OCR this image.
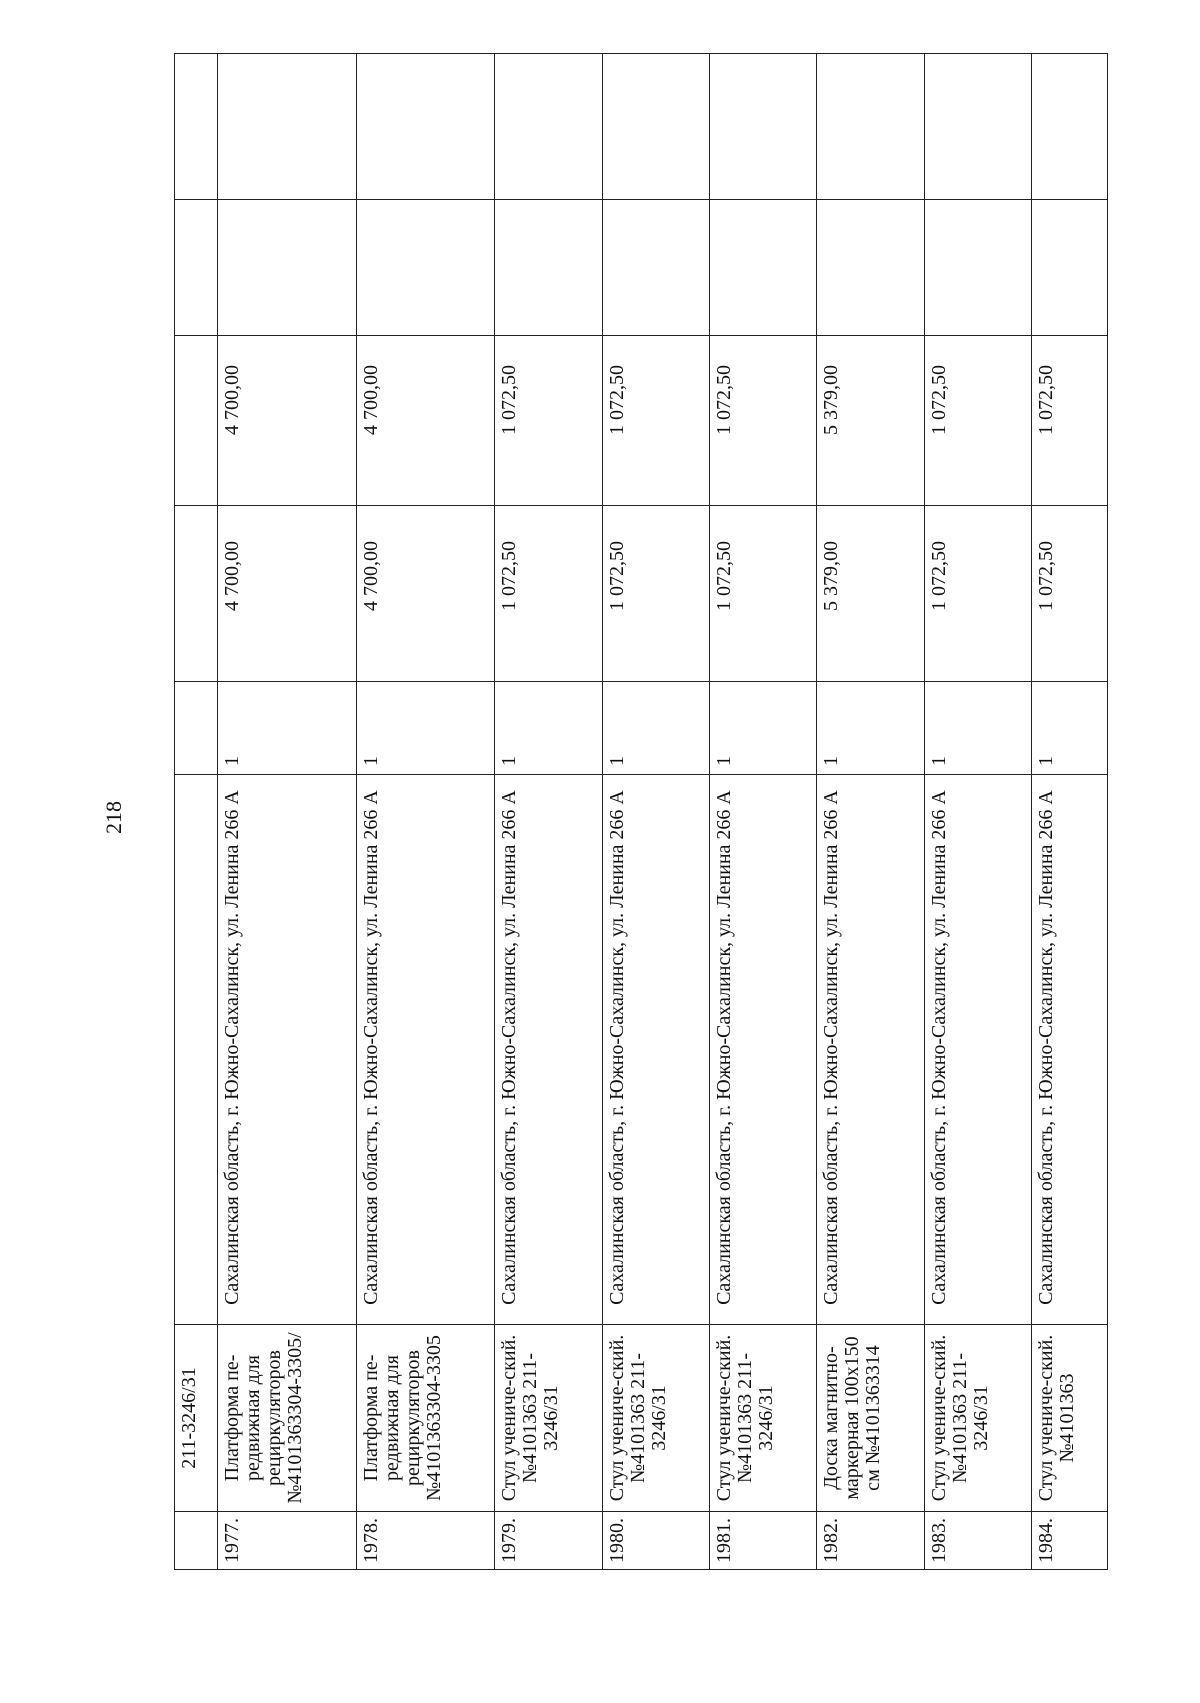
218
	211-3246/31						
1977.	Платформа пе-редвижная для рециркуляторов №4101363304-3305/	Сахалинская область, г. Южно-Сахалинск, ул. Ленина 266 А	1	4 700,00	4 700,00		
1978.	Платформа пе-редвижная для рециркуляторов №4101363304-3305	Сахалинская область, г. Южно-Сахалинск, ул. Ленина 266 А	1	4 700,00	4 700,00		
1979.	Стул учениче-ский.№4101363 211-3246/31	Сахалинская область, г. Южно-Сахалинск, ул. Ленина 266 А	1	1 072,50	1 072,50		
1980.	Стул учениче-ский.№4101363 211-3246/31	Сахалинская область, г. Южно-Сахалинск, ул. Ленина 266 А	1	1 072,50	1 072,50		
1981.	Стул учениче-ский.№4101363 211-3246/31	Сахалинская область, г. Южно-Сахалинск, ул. Ленина 266 А	1	1 072,50	1 072,50		
1982.	Доска магнитно-маркерная 100х150 см №4101363314	Сахалинская область, г. Южно-Сахалинск, ул. Ленина 266 А	1	5 379,00	5 379,00		
1983.	Стул учениче-ский.№4101363 211-3246/31	Сахалинская область, г. Южно-Сахалинск, ул. Ленина 266 А	1	1 072,50	1 072,50		
1984.	Стул учениче-ский.№4101363	Сахалинская область, г. Южно-Сахалинск, ул. Ленина 266 А	1	1 072,50	1 072,50		
